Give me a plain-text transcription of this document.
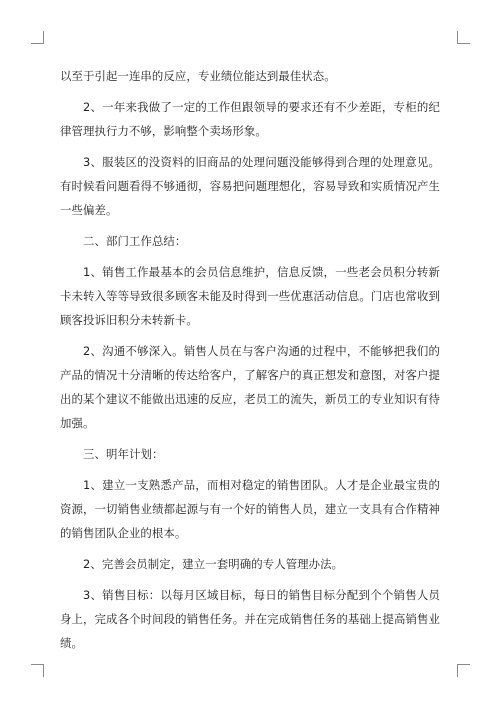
以至于引起一连串的反应，专业绩位能达到最佳状态。

2、一年来我做了一定的工作但跟领导的要求还有不少差距，专柜的纪律管理执行力不够，影响整个卖场形象。

3、服装区的没资料的旧商品的处理问题没能够得到合理的处理意见。有时候看问题看得不够通彻，容易把问题理想化，容易导致和实质情况产生一些偏差。

二、部门工作总结：

1、销售工作最基本的会员信息维护，信息反馈，一些老会员积分转新卡未转入等等导致很多顾客未能及时得到一些优惠活动信息。门店也常收到顾客投诉旧积分未转新卡。

2、沟通不够深入。销售人员在与客户沟通的过程中，不能够把我们的产品的情况十分清晰的传达给客户，了解客户的真正想发和意图，对客户提出的某个建议不能做出迅速的反应，老员工的流失，新员工的专业知识有待加强。

三、明年计划：

1、建立一支熟悉产品，而相对稳定的销售团队。人才是企业最宝贵的资源，一切销售业绩都起源与有一个好的销售人员，建立一支具有合作精神的销售团队企业的根本。

2、完善会员制定，建立一套明确的专人管理办法。

3、销售目标：以每月区域目标，每日的销售目标分配到个个销售人员身上，完成各个时间段的销售任务。并在完成销售任务的基础上提高销售业绩。
